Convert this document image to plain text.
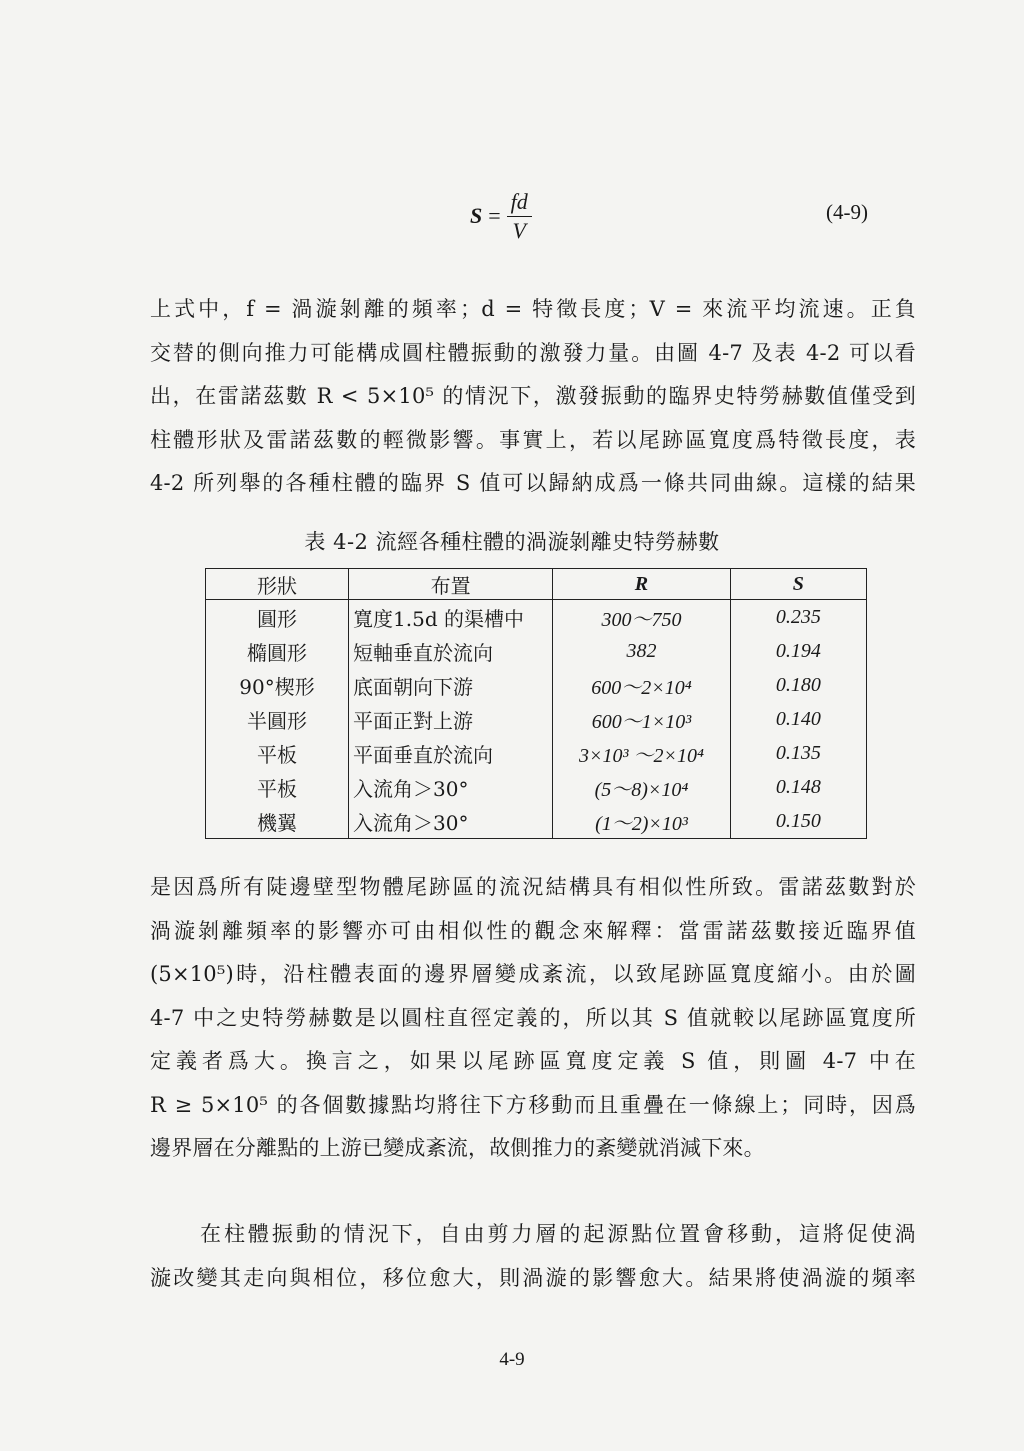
$S = \frac{fd}{V}$	(4-9)
上式中，f = 渦漩剝離的頻率；d = 特徵長度；V = 來流平均流速。正負
交替的側向推力可能構成圓柱體振動的激發力量。由圖 4-7 及表 4-2 可以看
出，在雷諾茲數 R < 5×10⁵ 的情況下，激發振動的臨界史特勞赫數值僅受到
柱體形狀及雷諾茲數的輕微影響。事實上，若以尾跡區寬度爲特徵長度，表
4-2 所列舉的各種柱體的臨界 S 值可以歸納成爲一條共同曲線。這樣的結果
表 4-2 流經各種柱體的渦漩剝離史特勞赫數
形狀	布置	R	S
圓形	寬度1.5d 的渠槽中	300～750	0.235
橢圓形	短軸垂直於流向	382	0.194
90°楔形	底面朝向下游	600～2×10⁴	0.180
半圓形	平面正對上游	600～1×10³	0.140
平板	平面垂直於流向	3×10³ ～2×10⁴	0.135
平板	入流角＞30°	(5～8)×10⁴	0.148
機翼	入流角＞30°	(1～2)×10³	0.150
是因爲所有陡邊壁型物體尾跡區的流況結構具有相似性所致。雷諾茲數對於
渦漩剝離頻率的影響亦可由相似性的觀念來解釋：當雷諾茲數接近臨界值
(5×10⁵)時，沿柱體表面的邊界層變成紊流，以致尾跡區寬度縮小。由於圖
4-7 中之史特勞赫數是以圓柱直徑定義的，所以其 S 值就較以尾跡區寬度所
定義者爲大。換言之，如果以尾跡區寬度定義 S 值，則圖 4-7 中在
R ≥ 5×10⁵ 的各個數據點均將往下方移動而且重疊在一條線上；同時，因爲
邊界層在分離點的上游已變成紊流，故側推力的紊變就消減下來。
在柱體振動的情況下，自由剪力層的起源點位置會移動，這將促使渦
漩改變其走向與相位，移位愈大，則渦漩的影響愈大。結果將使渦漩的頻率
4-9
